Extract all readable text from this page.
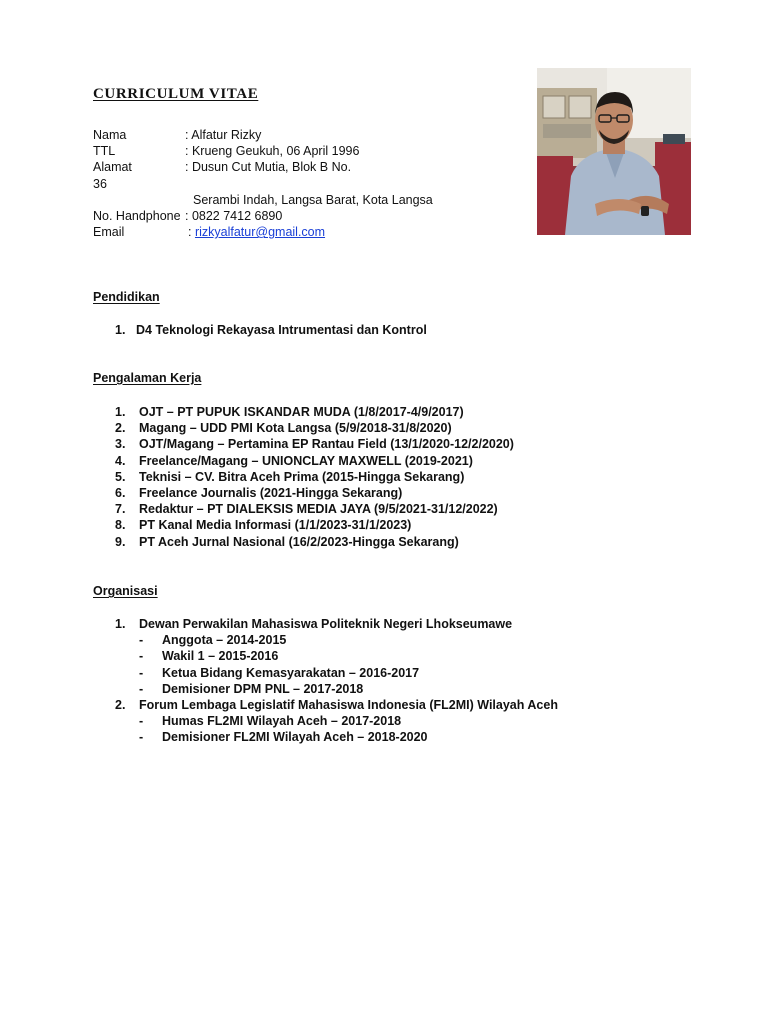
CURRICULUM VITAE
Nama	: Alfatur Rizky
TTL	: Krueng Geukuh, 06 April 1996
Alamat	: Dusun Cut Mutia, Blok B No.
36
Serambi Indah, Langsa Barat, Kota Langsa
No. Handphone : 0822 7412 6890
Email	: rizkyalfatur@gmail.com
Pendidikan
1. D4 Teknologi Rekayasa Intrumentasi dan Kontrol
Pengalaman Kerja
1. OJT – PT PUPUK ISKANDAR MUDA (1/8/2017-4/9/2017)
2. Magang – UDD PMI Kota Langsa (5/9/2018-31/8/2020)
3. OJT/Magang – Pertamina EP Rantau Field (13/1/2020-12/2/2020)
4. Freelance/Magang – UNIONCLAY MAXWELL (2019-2021)
5. Teknisi – CV. Bitra Aceh Prima (2015-Hingga Sekarang)
6. Freelance Journalis (2021-Hingga Sekarang)
7. Redaktur – PT DIALEKSIS MEDIA JAYA (9/5/2021-31/12/2022)
8. PT Kanal Media Informasi (1/1/2023-31/1/2023)
9. PT Aceh Jurnal Nasional (16/2/2023-Hingga Sekarang)
Organisasi
1. Dewan Perwakilan Mahasiswa Politeknik Negeri Lhokseumawe
- Anggota – 2014-2015
- Wakil 1 – 2015-2016
- Ketua Bidang Kemasyarakatan – 2016-2017
- Demisioner DPM PNL – 2017-2018
2. Forum Lembaga Legislatif Mahasiswa Indonesia (FL2MI) Wilayah Aceh
- Humas FL2MI Wilayah Aceh – 2017-2018
- Demisioner FL2MI Wilayah Aceh – 2018-2020
